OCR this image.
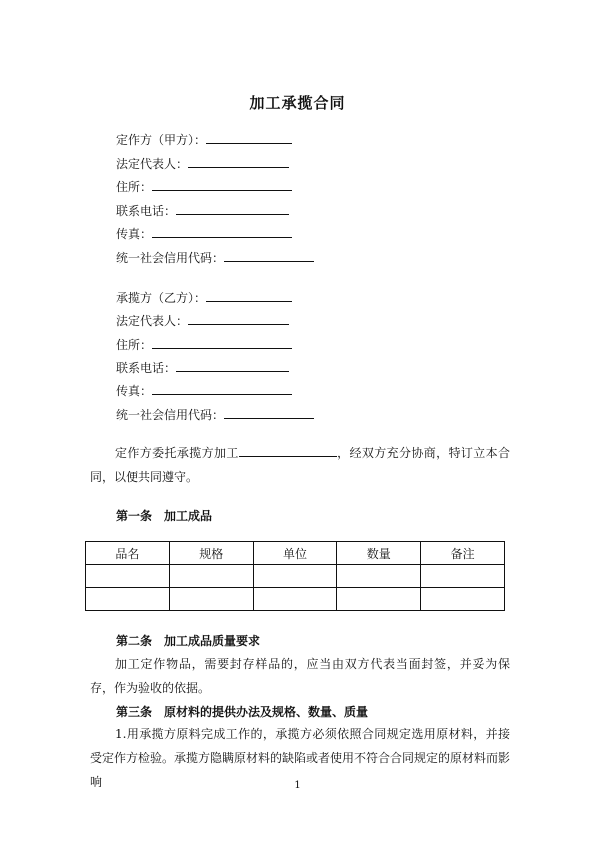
加工承揽合同
定作方（甲方）：
法定代表人：
住所：
联系电话：
传真：
统一社会信用代码：
承揽方（乙方）：
法定代表人：
住所：
联系电话：
传真：
统一社会信用代码：
定作方委托承揽方加工	，经双方充分协商，特订立本合同，以便共同遵守。
第一条 加工成品
品名	规格	单位	数量	备注

第二条 加工成品质量要求
加工定作物品，需要封存样品的，应当由双方代表当面封签，并妥为保存，作为验收的依据。
第三条 原材料的提供办法及规格、数量、质量
1.用承揽方原料完成工作的，承揽方必须依照合同规定选用原材料，并接受定作方检验。承揽方隐瞒原材料的缺陷或者使用不符合合同规定的原材料而影响	1
